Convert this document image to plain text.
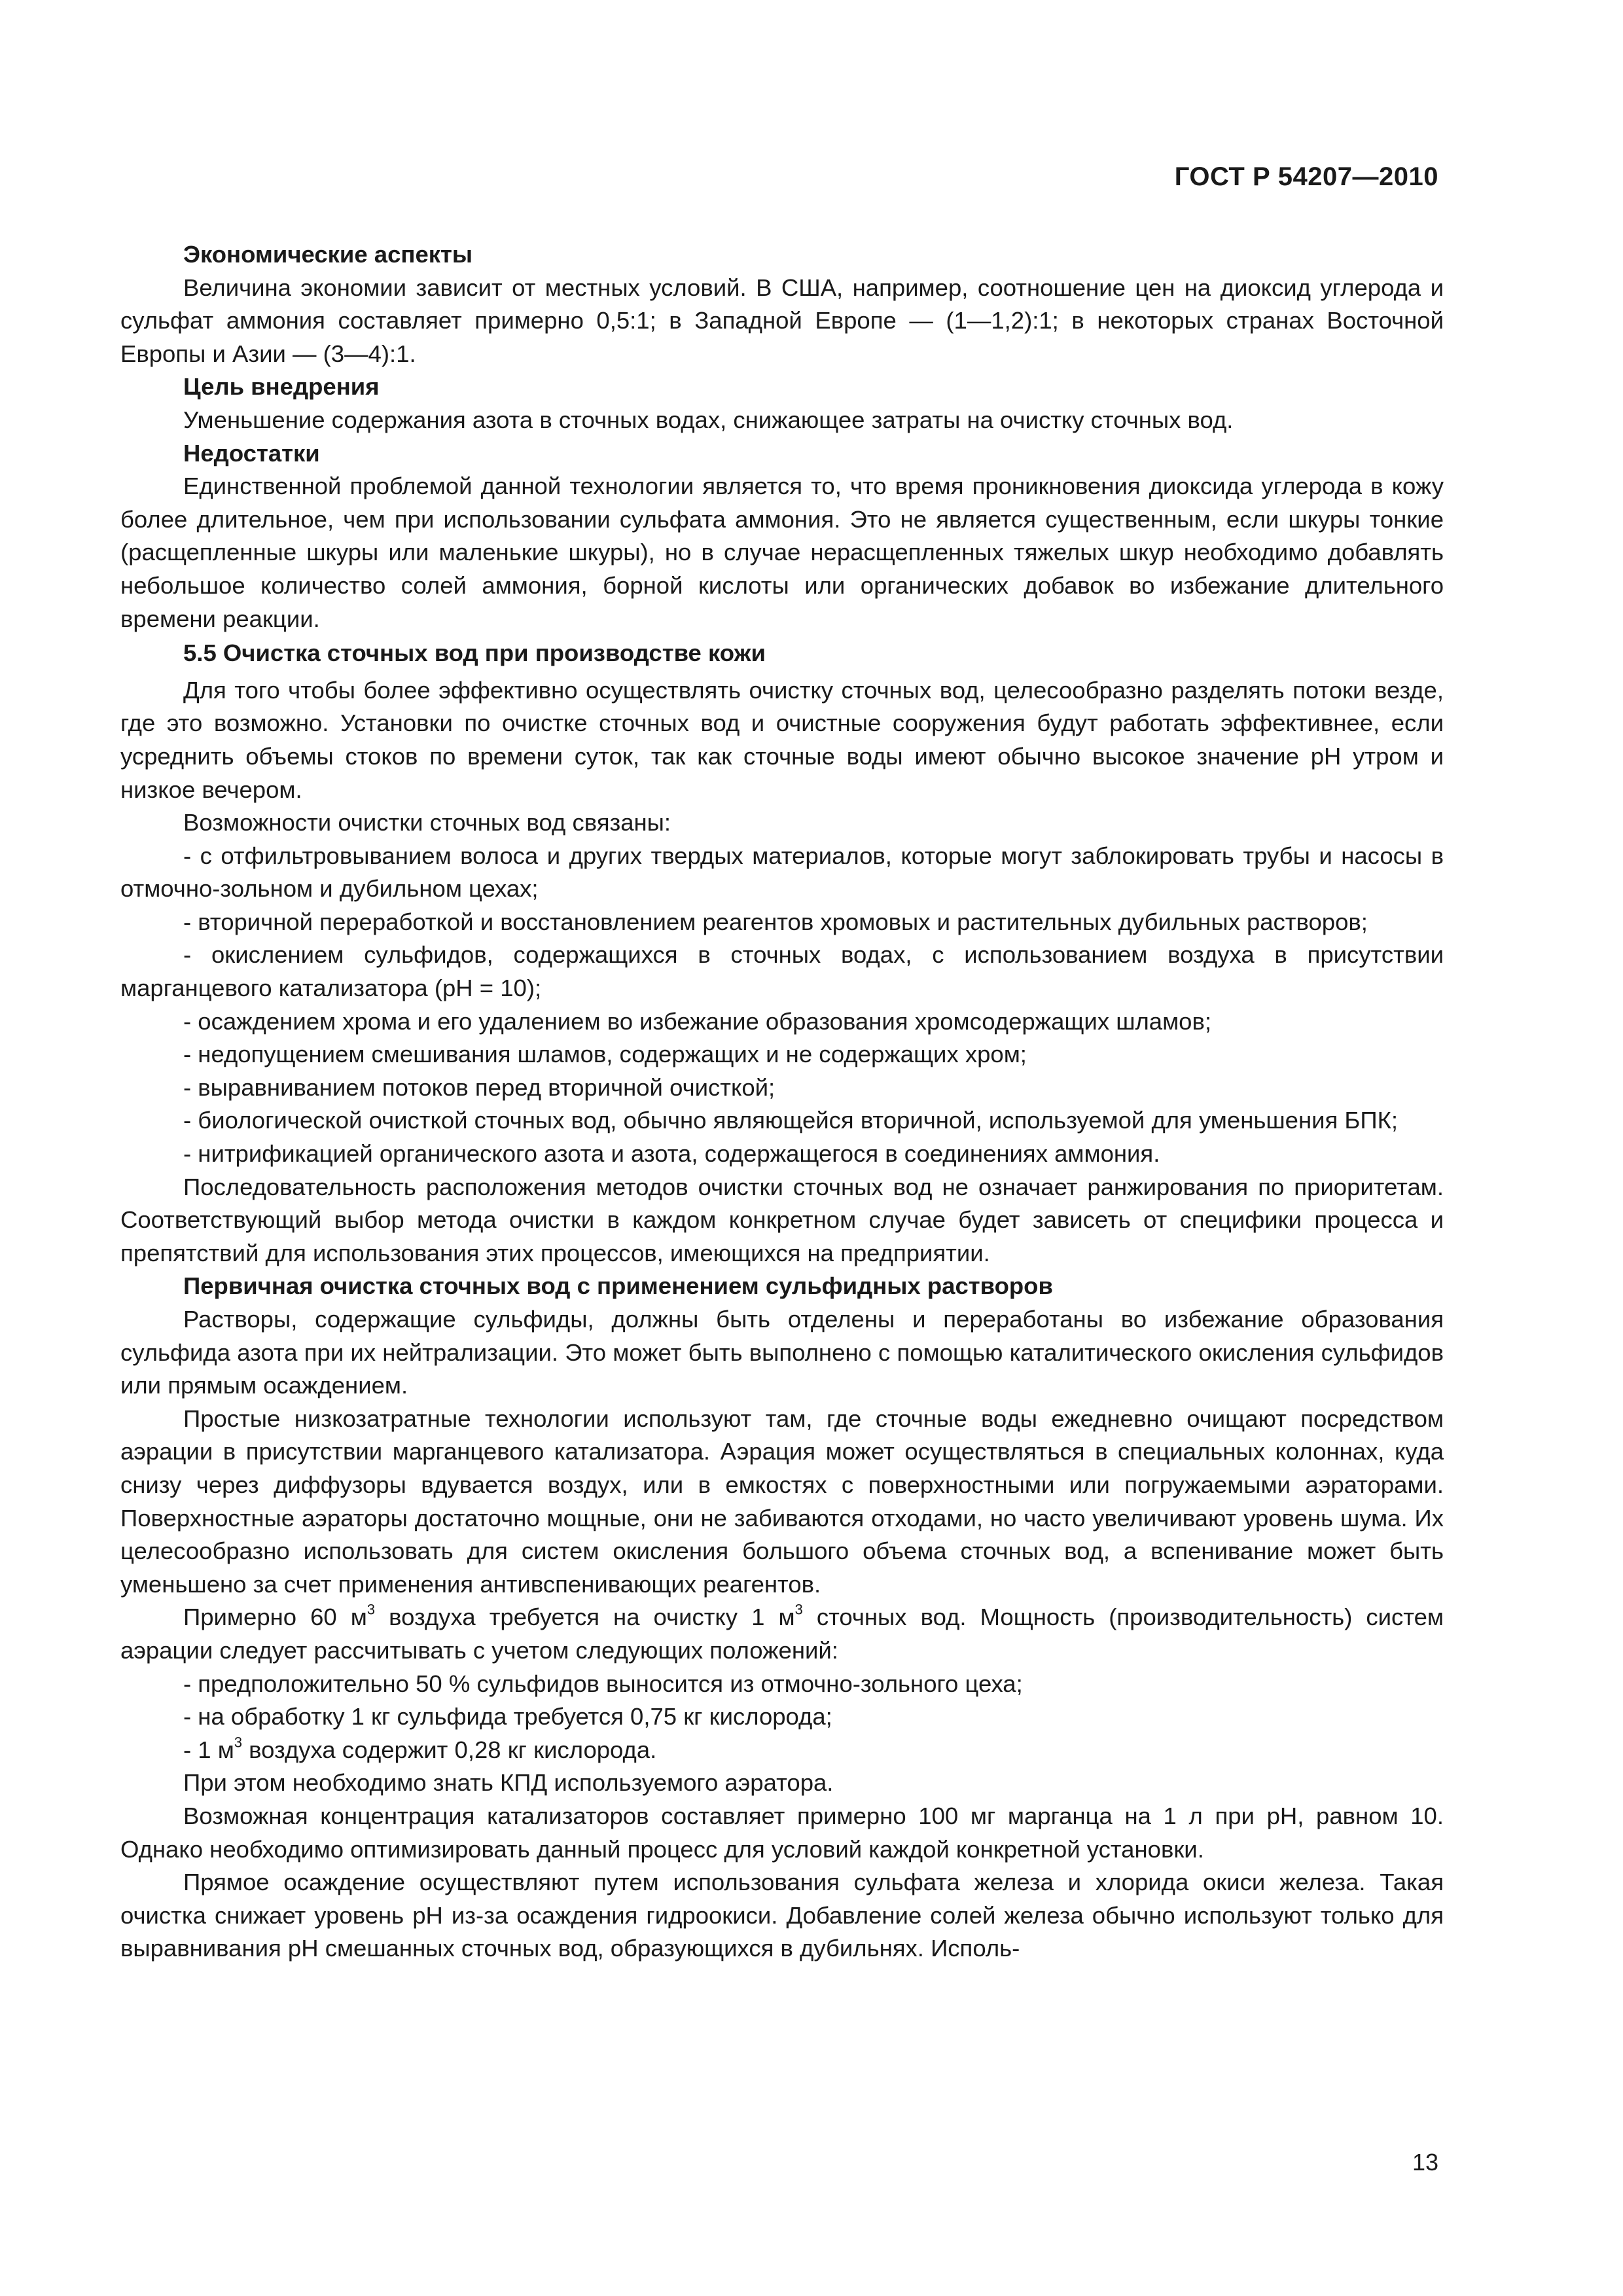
ГОСТ Р 54207—2010

Экономические аспекты

Величина экономии зависит от местных условий. В США, например, соотношение цен на диоксид углерода и сульфат аммония составляет примерно 0,5:1; в Западной Европе — (1—1,2):1; в некоторых странах Восточной Европы и Азии — (3—4):1.

Цель внедрения

Уменьшение содержания азота в сточных водах, снижающее затраты на очистку сточных вод.

Недостатки

Единственной проблемой данной технологии является то, что время проникновения диоксида углерода в кожу более длительное, чем при использовании сульфата аммония. Это не является существенным, если шкуры тонкие (расщепленные шкуры или маленькие шкуры), но в случае нерасщепленных тяжелых шкур необходимо добавлять небольшое количество солей аммония, борной кислоты или органических добавок во избежание длительного времени реакции.

5.5 Очистка сточных вод при производстве кожи

Для того чтобы более эффективно осуществлять очистку сточных вод, целесообразно разделять потоки везде, где это возможно. Установки по очистке сточных вод и очистные сооружения будут работать эффективнее, если усреднить объемы стоков по времени суток, так как сточные воды имеют обычно высокое значение рН утром и низкое вечером.

Возможности очистки сточных вод связаны:

- с отфильтровыванием волоса и других твердых материалов, которые могут заблокировать трубы и насосы в отмочно-зольном и дубильном цехах;

- вторичной переработкой и восстановлением реагентов хромовых и растительных дубильных растворов;

- окислением сульфидов, содержащихся в сточных водах, с использованием воздуха в присутствии марганцевого катализатора (рН = 10);

- осаждением хрома и его удалением во избежание образования хромсодержащих шламов;

- недопущением смешивания шламов, содержащих и не содержащих хром;

- выравниванием потоков перед вторичной очисткой;

- биологической очисткой сточных вод, обычно являющейся вторичной, используемой для уменьшения БПК;

- нитрификацией органического азота и азота, содержащегося в соединениях аммония.

Последовательность расположения методов очистки сточных вод не означает ранжирования по приоритетам. Соответствующий выбор метода очистки в каждом конкретном случае будет зависеть от специфики процесса и препятствий для использования этих процессов, имеющихся на предприятии.

Первичная очистка сточных вод с применением сульфидных растворов

Растворы, содержащие сульфиды, должны быть отделены и переработаны во избежание образования сульфида азота при их нейтрализации. Это может быть выполнено с помощью каталитического окисления сульфидов или прямым осаждением.

Простые низкозатратные технологии используют там, где сточные воды ежедневно очищают посредством аэрации в присутствии марганцевого катализатора. Аэрация может осуществляться в специальных колоннах, куда снизу через диффузоры вдувается воздух, или в емкостях с поверхностными или погружаемыми аэраторами. Поверхностные аэраторы достаточно мощные, они не забиваются отходами, но часто увеличивают уровень шума. Их целесообразно использовать для систем окисления большого объема сточных вод, а вспенивание может быть уменьшено за счет применения антивспенивающих реагентов.

Примерно 60 $м^3$ воздуха требуется на очистку 1 $м^3$ сточных вод. Мощность (производительность) систем аэрации следует рассчитывать с учетом следующих положений:

- предположительно 50 % сульфидов выносится из отмочно-зольного цеха;

- на обработку 1 кг сульфида требуется 0,75 кг кислорода;

- 1 $м^3$ воздуха содержит 0,28 кг кислорода.

При этом необходимо знать КПД используемого аэратора.

Возможная концентрация катализаторов составляет примерно 100 мг марганца на 1 л при рН, равном 10. Однако необходимо оптимизировать данный процесс для условий каждой конкретной установки.

Прямое осаждение осуществляют путем использования сульфата железа и хлорида окиси железа. Такая очистка снижает уровень рН из-за осаждения гидроокиси. Добавление солей железа обычно используют только для выравнивания рН смешанных сточных вод, образующихся в дубильнях. Исполь-

13
